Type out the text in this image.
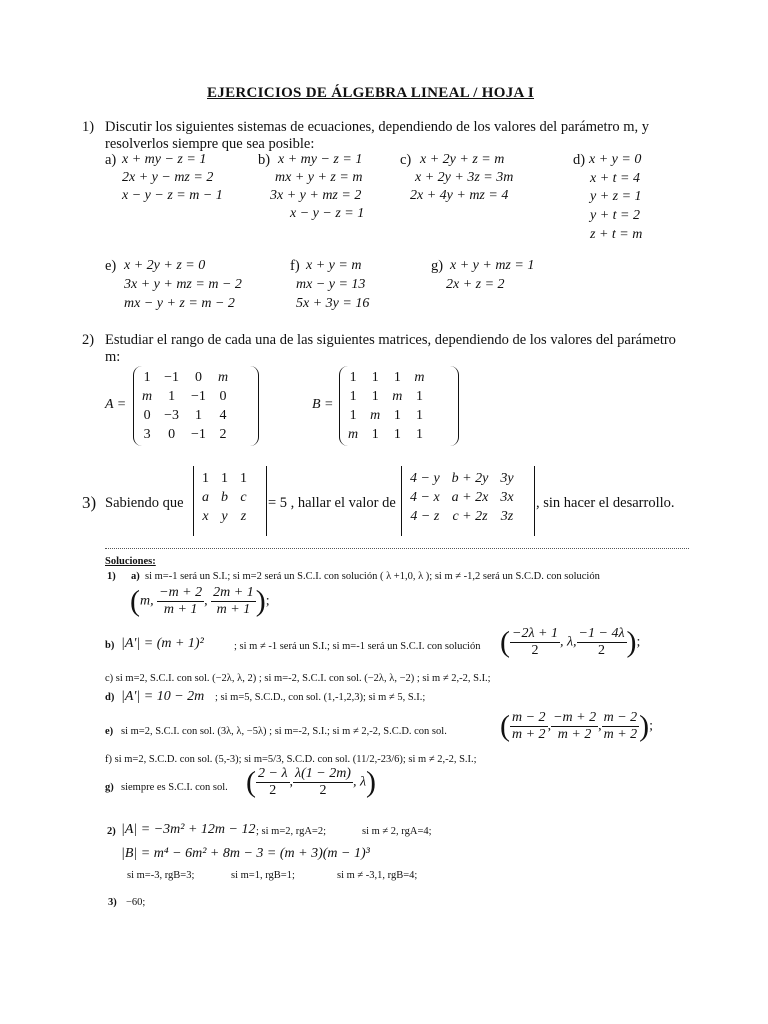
EJERCICIOS DE ÁLGEBRA LINEAL / HOJA I
1) Discutir los siguientes sistemas de ecuaciones, dependiendo de los valores del parámetro m, y
resolverlos siempre que sea posible:
a) x + my − z = 1
2x + y − mz = 2
x − y − z = m − 1
b) x + my − z = 1
mx + y + z = m
3x + y + mz = 2
x − y − z = 1
c) x + 2y + z = m
x + 2y + 3z = 3m
2x + 4y + mz = 4
d) x + y = 0
x + t = 4
y + z = 1
y + t = 2
z + t = m
e) x + 2y + z = 0
3x + y + mz = m − 2
mx − y + z = m − 2
f) x + y = m
mx − y = 13
5x + 3y = 16
g) x + y + mz = 1
2x + z = 2
2) Estudiar el rango de cada una de las siguientes matrices, dependiendo de los valores del parámetro
m:
A =
1	−1	0	m
m	1	−1	0
0	−3	1	4
3	0	−1	2
B =
1	1	1	m
1	1	m	1
1	m	1	1
m	1	1	1
3) Sabiendo que
1	1	1
a	b	c
x	y	z
= 5 , hallar el valor de
4 − y	b + 2y	3y
4 − x	a + 2x	3x
4 − z	c + 2z	3z
, sin hacer el desarrollo.
Soluciones:
1) a) si m=-1 será un S.I.; si m=2 será un S.C.I. con solución ( λ +1,0, λ ); si m ≠ -1,2 será un S.C.D. con solución
(m, $\frac{-m + 2}{m + 1}$ , $\frac{2m + 1}{m + 1}$ );
b) |A'| = (m + 1)²	; si m ≠ -1 será un S.I.; si m=-1 será un S.C.I. con solución ( $\frac{-2\lambda + 1}{2}$ , λ, $\frac{-1 - 4\lambda}{2}$ );
c) si m=2, S.C.I. con sol. (−2λ, λ, 2) ; si m=-2, S.C.I. con sol. (−2λ, λ, −2) ; si m ≠ 2,-2, S.I.;
d) |A'| = 10 − 2m ; si m=5, S.C.D., con sol. (1,-1,2,3); si m ≠ 5, S.I.;
e) si m=2, S.C.I. con sol. (3λ, λ, −5λ) ; si m=-2, S.I.; si m ≠ 2,-2, S.C.D. con sol. ( $\frac{m - 2}{m + 2}$ , $\frac{-m + 2}{m + 2}$ , $\frac{m - 2}{m + 2}$ );
f) si m=2, S.C.D. con sol. (5,-3); si m=5/3, S.C.D. con sol. (11/2,-23/6); si m ≠ 2,-2, S.I.;
g) siempre es S.C.I. con sol. ( $\frac{2 - \lambda}{2}$ , $\frac{\lambda(1 - 2m)}{2}$ , λ)
2) |A| = −3m² + 12m − 12 ; si m=2, rgA=2;	si m ≠ 2, rgA=4;
|B| = m⁴ − 6m² + 8m − 3 = (m + 3)(m − 1)³
si m=-3, rgB=3;	si m=1, rgB=1;	si m ≠ -3,1, rgB=4;
3) −60;
